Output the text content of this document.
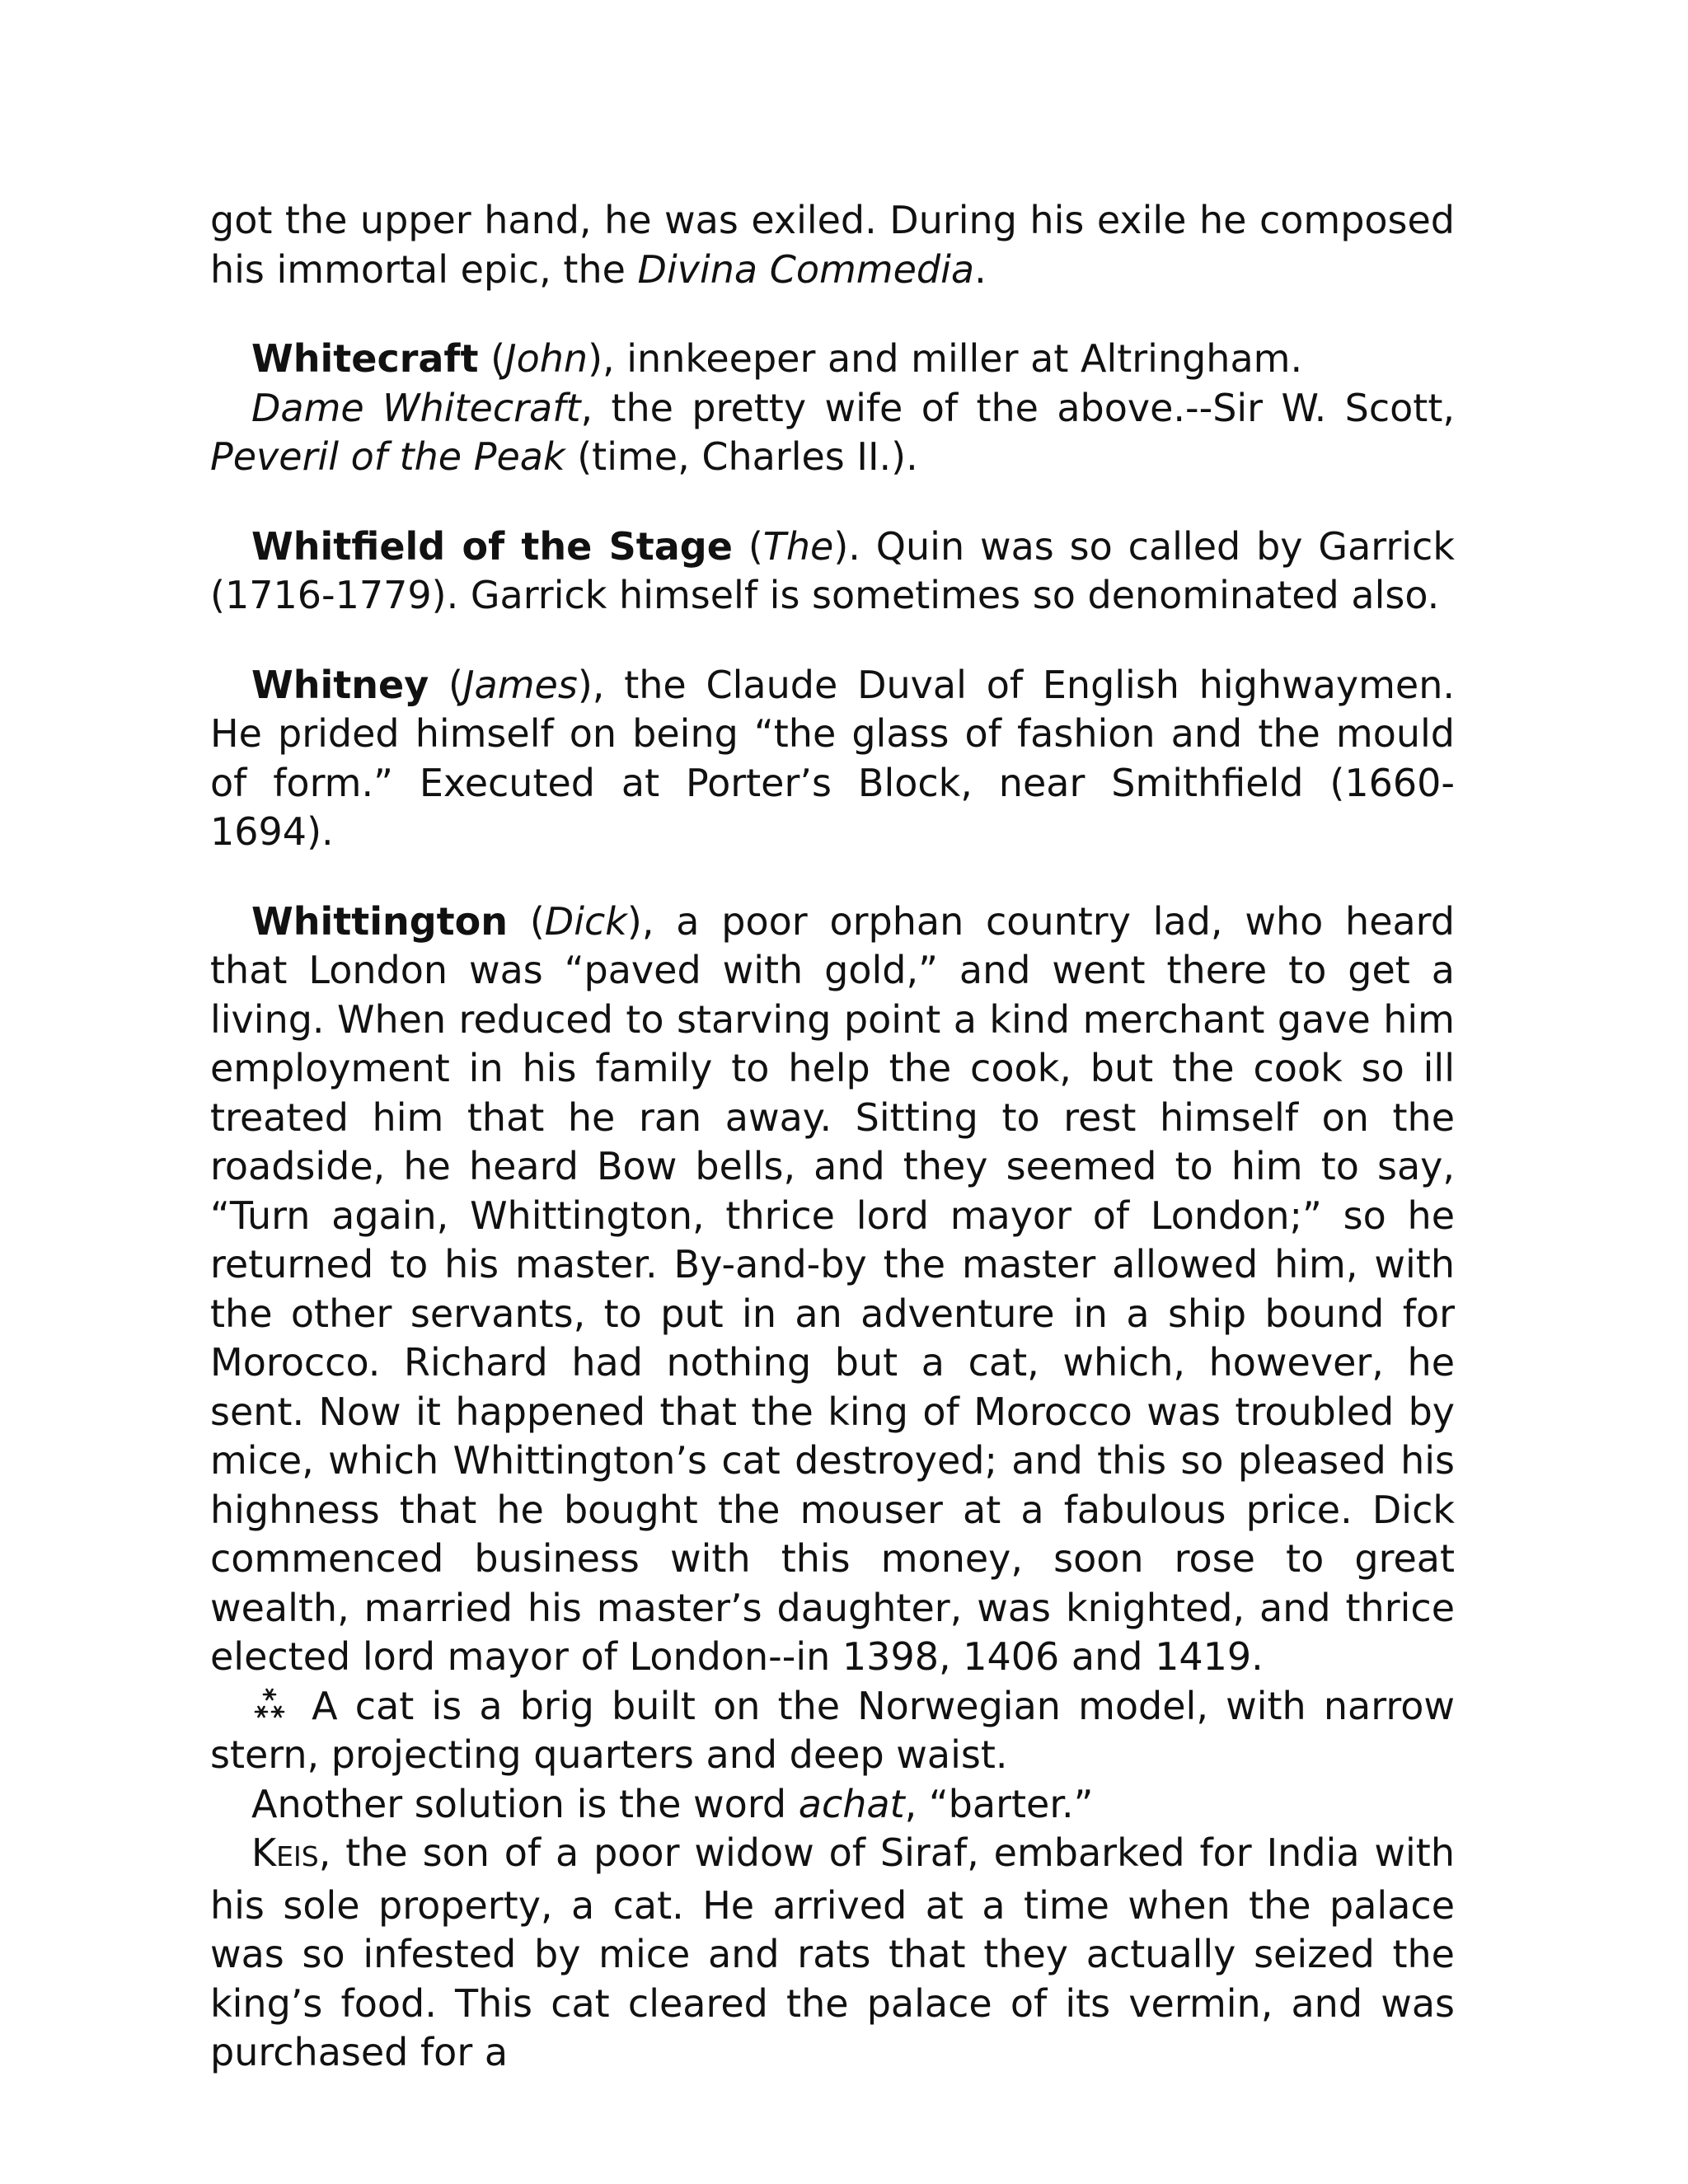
got the upper hand, he was exiled. During his exile he composed his immortal epic, the Divina Commedia.

Whitecraft (John), innkeeper and miller at Altringham.

Dame Whitecraft, the pretty wife of the above.--Sir W. Scott, Peveril of the Peak (time, Charles II.).

Whitfield of the Stage (The). Quin was so called by Garrick (1716-1779). Garrick himself is sometimes so denominated also.

Whitney (James), the Claude Duval of English highwaymen. He prided himself on being “the glass of fashion and the mould of form.” Executed at Porter’s Block, near Smithfield (1660-1694).

Whittington (Dick), a poor orphan country lad, who heard that London was “paved with gold,” and went there to get a living. When reduced to starving point a kind merchant gave him employment in his family to help the cook, but the cook so ill treated him that he ran away. Sitting to rest himself on the roadside, he heard Bow bells, and they seemed to him to say, “Turn again, Whittington, thrice lord mayor of London;” so he returned to his master. By-and-by the master allowed him, with the other servants, to put in an adventure in a ship bound for Morocco. Richard had nothing but a cat, which, however, he sent. Now it happened that the king of Morocco was troubled by mice, which Whittington’s cat destroyed; and this so pleased his highness that he bought the mouser at a fabulous price. Dick commenced business with this money, soon rose to great wealth, married his master’s daughter, was knighted, and thrice elected lord mayor of London--in 1398, 1406 and 1419.

A cat is a brig built on the Norwegian model, with narrow stern, projecting quarters and deep waist.

Another solution is the word achat, “barter.”

KEIS, the son of a poor widow of Siraf, embarked for India with his sole property, a cat. He arrived at a time when the palace was so infested by mice and rats that they actually seized the king’s food. This cat cleared the palace of its vermin, and was purchased for a
